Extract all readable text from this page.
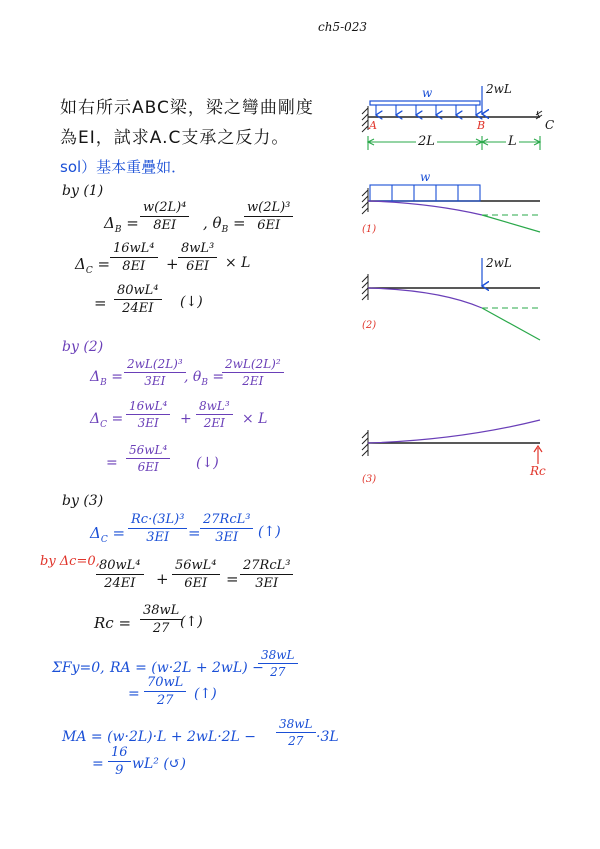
ch5-023
如右所示ABC梁，梁之彎曲剛度
為EI，試求A.C支承之反力。
sol）基本重疊如．
by (1)
$\Delta_B = \frac{\text{w(2L)⁴}}{8EI}$ , $\theta_B$ =
$\frac{\text{w(2L)³}}{6EI}$
$\Delta_C = \frac{\text{16wL⁴}}{8EI} + \frac{\text{8wL³}}{6EI} \times L$
= $\frac{\text{80wL⁴}}{24EI}$ (↓)
by (2)
$\Delta_B = \frac{\text{2wL(2L)³}}{3EI}$
, $\theta_B$ =
$\frac{\text{2wL(2L)²}}{2EI}$
$\Delta_C = \frac{\text{16wL⁴}}{3EI} + \frac{\text{8wL³}}{2EI} \times L$
= $\frac{\text{56wL⁴}}{6EI}$ (↓)
by (3)
$\Delta_C = \frac{\text{Rc·(3L)³}}{3EI}$ =
27RcL³
3EI	(↑)
by Δc=0,
$\frac{\text{80wL⁴}}{24EI} + \frac{\text{56wL⁴}}{6EI}$ =
27RcL³
3EI
$Rc = \frac{38wL}{27}$
(↑)
ΣFy=0, RA = (w·2L + 2wL) −
$\frac{38wL}{27}$
= $\frac{70wL}{27}$ (↑)
MA = $(w\cdot 2L)\cdot L + 2wL\cdot 2L - \frac{38wL}{27} \cdot 3L$
= $\frac{16}{9} wL^2$ (↺)
w	2wL
A	B	C
2L	L
w
(1)
2wL
(2)
Rc
(3)
